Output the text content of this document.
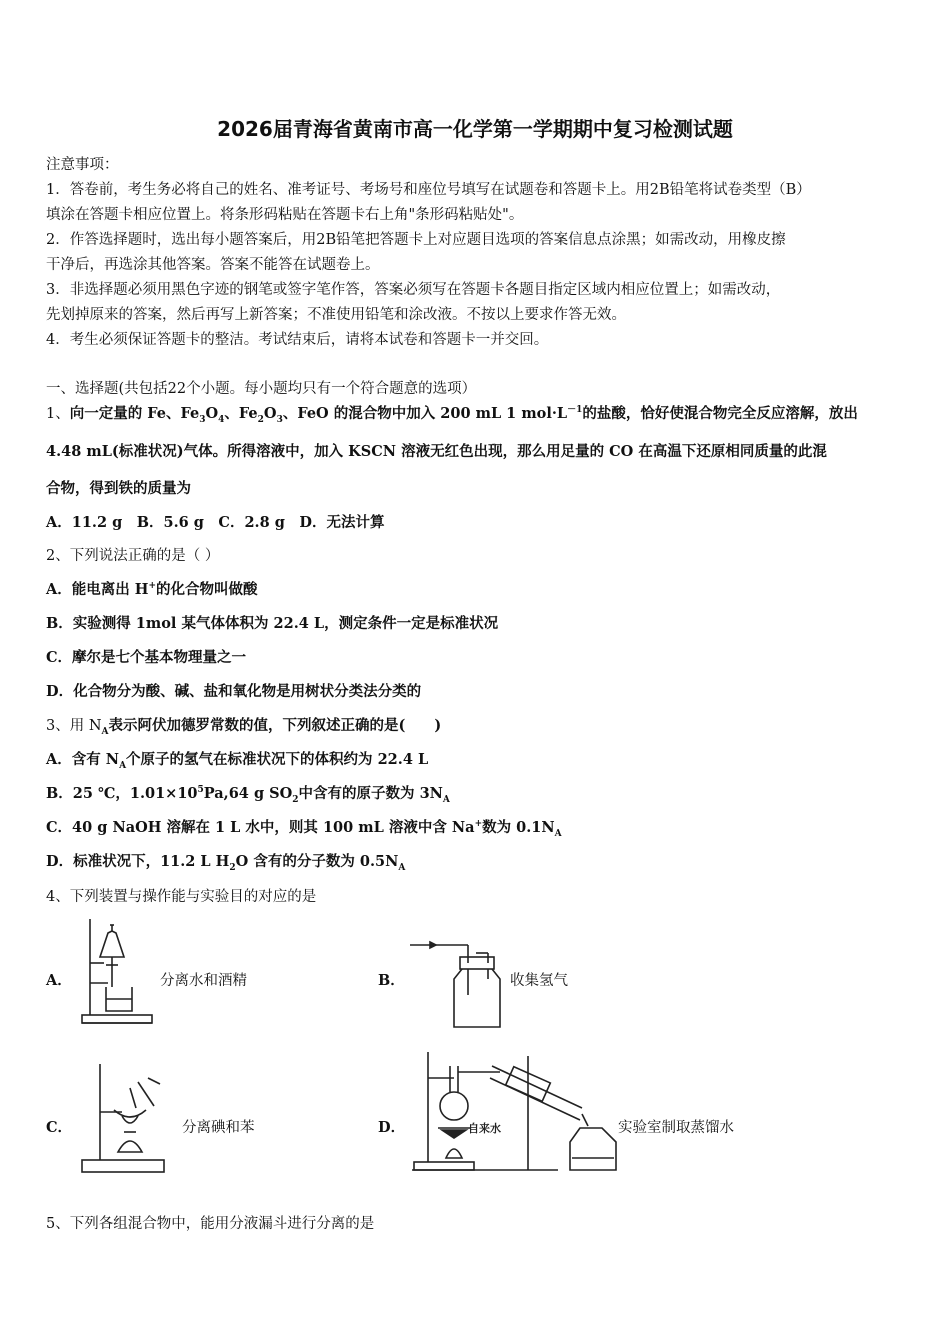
2026届青海省黄南市高一化学第一学期期中复习检测试题
注意事项：
1．答卷前，考生务必将自己的姓名、准考证号、考场号和座位号填写在试题卷和答题卡上。用2B铅笔将试卷类型（B）
填涂在答题卡相应位置上。将条形码粘贴在答题卡右上角"条形码粘贴处"。
2．作答选择题时，选出每小题答案后，用2B铅笔把答题卡上对应题目选项的答案信息点涂黑；如需改动，用橡皮擦
干净后，再选涂其他答案。答案不能答在试题卷上。
3．非选择题必须用黑色字迹的钢笔或签字笔作答，答案必须写在答题卡各题目指定区域内相应位置上；如需改动，
先划掉原来的答案，然后再写上新答案；不准使用铅笔和涂改液。不按以上要求作答无效。
4．考生必须保证答题卡的整洁。考试结束后，请将本试卷和答题卡一并交回。
一、选择题(共包括22个小题。每小题均只有一个符合题意的选项）
1、向一定量的 Fe、$Fe_3O_4$、$Fe_2O_3$、FeO 的混合物中加入 200 mL 1 $mol\cdot L^{-1}$的盐酸，恰好使混合物完全反应溶解，放出
4.48 mL(标准状况)气体。所得溶液中，加入 KSCN 溶液无红色出现，那么用足量的 CO 在高温下还原相同质量的此混
合物，得到铁的质量为
A．11.2 g　B．5.6 g　C．2.8 g　D．无法计算
2、下列说法正确的是（ ）
A．能电离出 H+的化合物叫做酸
B．实验测得 1mol 某气体体积为 22.4 L，测定条件一定是标准状况
C．摩尔是七个基本物理量之一
D．化合物分为酸、碱、盐和氧化物是用树状分类法分类的
3、用 $N_A$表示阿伏加德罗常数的值，下列叙述正确的是(　　)
A．含有 $N_A$个原子的氢气在标准状况下的体积约为 22.4 L
B．25 ℃，$1.01\times 10^5Pa,64$ g $SO_2$中含有的原子数为 $3N_A$
C．40 g NaOH 溶解在 1 L 水中，则其 100 mL 溶液中含 Na+数为 $0.1N_A$
D．标准状况下，11.2 L $H_2O$ 含有的分子数为 $0.5N_A$
4、下列装置与操作能与实验目的对应的是
A．	分离水和酒精	B．	收集氢气
C．	分离碘和苯	D．	自来水	实验室制取蒸馏水
5、下列各组混合物中，能用分液漏斗进行分离的是
